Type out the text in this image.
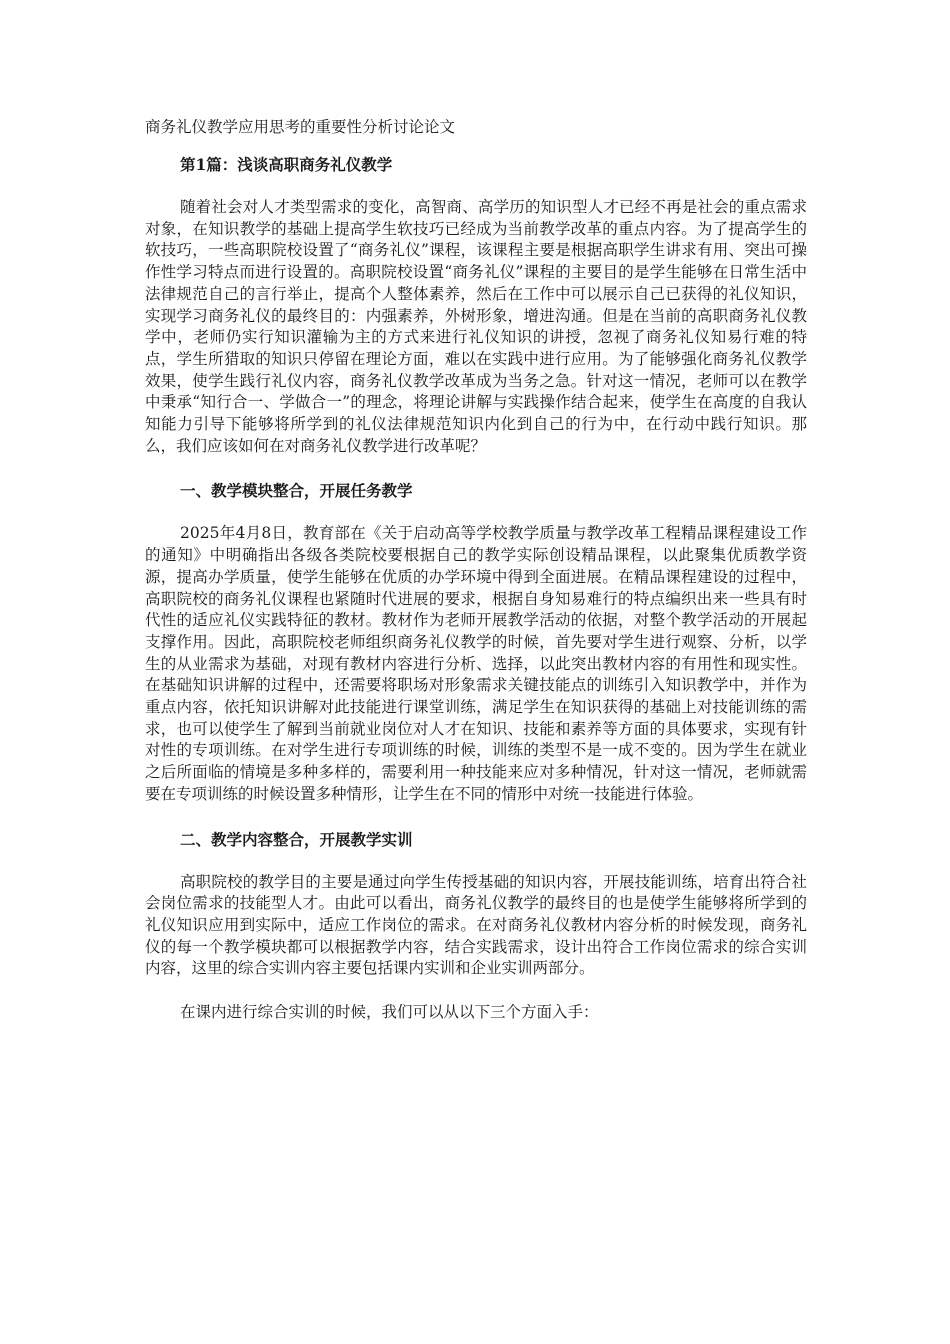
商务礼仪教学应用思考的重要性分析讨论论文
第1篇：浅谈高职商务礼仪教学

随着社会对人才类型需求的变化，高智商、高学历的知识型人才已经不再是社会的重点需求对象，在知识教学的基础上提高学生软技巧已经成为当前教学改革的重点内容。为了提高学生的软技巧，一些高职院校设置了“商务礼仪”课程，该课程主要是根据高职学生讲求有用、突出可操作性学习特点而进行设置的。高职院校设置“商务礼仪”课程的主要目的是学生能够在日常生活中法律规范自己的言行举止，提高个人整体素养，然后在工作中可以展示自己已获得的礼仪知识，实现学习商务礼仪的最终目的：内强素养，外树形象，增进沟通。但是在当前的高职商务礼仪教学中，老师仍实行知识灌输为主的方式来进行礼仪知识的讲授，忽视了商务礼仪知易行难的特点，学生所猎取的知识只停留在理论方面，难以在实践中进行应用。为了能够强化商务礼仪教学效果，使学生践行礼仪内容，商务礼仪教学改革成为当务之急。针对这一情况，老师可以在教学中秉承“知行合一、学做合一”的理念，将理论讲解与实践操作结合起来，使学生在高度的自我认知能力引导下能够将所学到的礼仪法律规范知识内化到自己的行为中，在行动中践行知识。那么，我们应该如何在对商务礼仪教学进行改革呢？

一、教学模块整合，开展任务教学

2025年4月8日，教育部在《关于启动高等学校教学质量与教学改革工程精品课程建设工作的通知》中明确指出各级各类院校要根据自己的教学实际创设精品课程，以此聚集优质教学资源，提高办学质量，使学生能够在优质的办学环境中得到全面进展。在精品课程建设的过程中，高职院校的商务礼仪课程也紧随时代进展的要求，根据自身知易难行的特点编织出来一些具有时代性的适应礼仪实践特征的教材。教材作为老师开展教学活动的依据，对整个教学活动的开展起支撑作用。因此，高职院校老师组织商务礼仪教学的时候，首先要对学生进行观察、分析，以学生的从业需求为基础，对现有教材内容进行分析、选择，以此突出教材内容的有用性和现实性。在基础知识讲解的过程中，还需要将职场对形象需求关键技能点的训练引入知识教学中，并作为重点内容，依托知识讲解对此技能进行课堂训练，满足学生在知识获得的基础上对技能训练的需求，也可以使学生了解到当前就业岗位对人才在知识、技能和素养等方面的具体要求，实现有针对性的专项训练。在对学生进行专项训练的时候，训练的类型不是一成不变的。因为学生在就业之后所面临的情境是多种多样的，需要利用一种技能来应对多种情况，针对这一情况，老师就需要在专项训练的时候设置多种情形，让学生在不同的情形中对统一技能进行体验。

二、教学内容整合，开展教学实训

高职院校的教学目的主要是通过向学生传授基础的知识内容，开展技能训练，培育出符合社会岗位需求的技能型人才。由此可以看出，商务礼仪教学的最终目的也是使学生能够将所学到的礼仪知识应用到实际中，适应工作岗位的需求。在对商务礼仪教材内容分析的时候发现，商务礼仪的每一个教学模块都可以根据教学内容，结合实践需求，设计出符合工作岗位需求的综合实训内容，这里的综合实训内容主要包括课内实训和企业实训两部分。

在课内进行综合实训的时候，我们可以从以下三个方面入手：
